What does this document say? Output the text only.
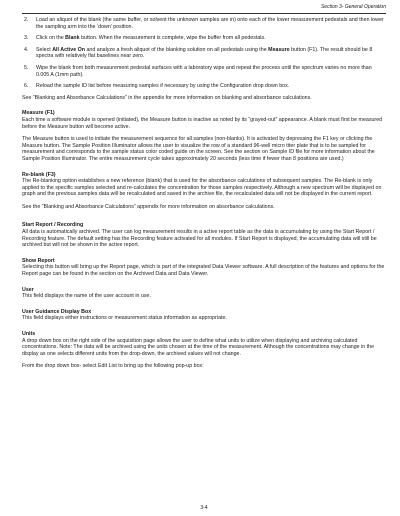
Section 3- General Operation
2. Load an aliquot of the blank (the same buffer, or solvent the unknown samples are in) onto each of the lower measurement pedestals and then lower the sampling arm into the ‘down’ position.
3. Click on the Blank button. When the measurement is complete, wipe the buffer from all pedestals.
4. Select All Active On and analyze a fresh aliquot of the blanking solution on all pedestals using the Measure button (F1). The result should be 8 spectra with relatively flat baselines near zero.
5. Wipe the blank from both measurement pedestal surfaces with a laboratory wipe and repeat the process until the spectrum varies no more than 0.005 A (1mm path).
6. Reload the sample ID list before measuring samples if necessary by using the Configuration drop down box.

See “Blanking and Absorbance Calculations” in the appendix for more information on blanking and absorbance calculations.

Measure (F1)

Each time a software module is opened (initiated), the Measure button is inactive as noted by its “grayed-out” appearance. A blank must first be measured before the Measure button will become active.

The Measure button is used to initiate the measurement sequence for all samples (non-blanks). It is activated by depressing the F1 key or clicking the Measure button. The Sample Position Illuminator allows the user to visualize the row of a standard 96-well micro titer plate that is to be sampled for measurement and corresponds to the sample status color coded guide on the screen. See the section on Sample ID file for more information about the Sample Position Illuminator. The entire measurement cycle takes approximately 20 seconds (less time if fewer than 8 positions are used.)

Re-blank (F3)

The Re-blanking option establishes a new reference (blank) that is used for the absorbance calculations of subsequent samples. The Re-blank is only applied to the specific samples selected and re-calculates the concentration for those samples respectively. Although a new spectrum will be displayed on graph and the previous samples data will be recalculated and saved in the archive file, the recalculated data will not be displayed in the current report.

See the “Blanking and Absorbance Calculations” appendix for more information on absorbance calculations.

Start Report / Recording

All data is automatically archived. The user can log measurement results in a active report table as the data is accumulating by using the Start Report / Recording feature. The default setting has the Recording feature activated for all modules. If Start Report is displayed, the accumulating data will still be archived but will not be shown in the active report.

Show Report

Selecting this button will bring up the Report page, which is part of the integrated Data Viewer software. A full description of the features and options for the Report page can be found in the section on the Archived Data and Data Viewer.

User

This field displays the name of the user account in use.

User Guidance Display Box

This field displays either instructions or measurement status information as appropriate.

Units

A drop down box on the right side of the acquisition page allows the user to define what units to utilize when displaying and archiving calculated concentrations. Note: The data will be archived using the units chosen at the time of the measurement. Although the concentrations may change in the display as one selects different units from the drop-down, the archived values will not change.

From the drop down box- select Edit List to bring up the following pop-up box:

3-4
